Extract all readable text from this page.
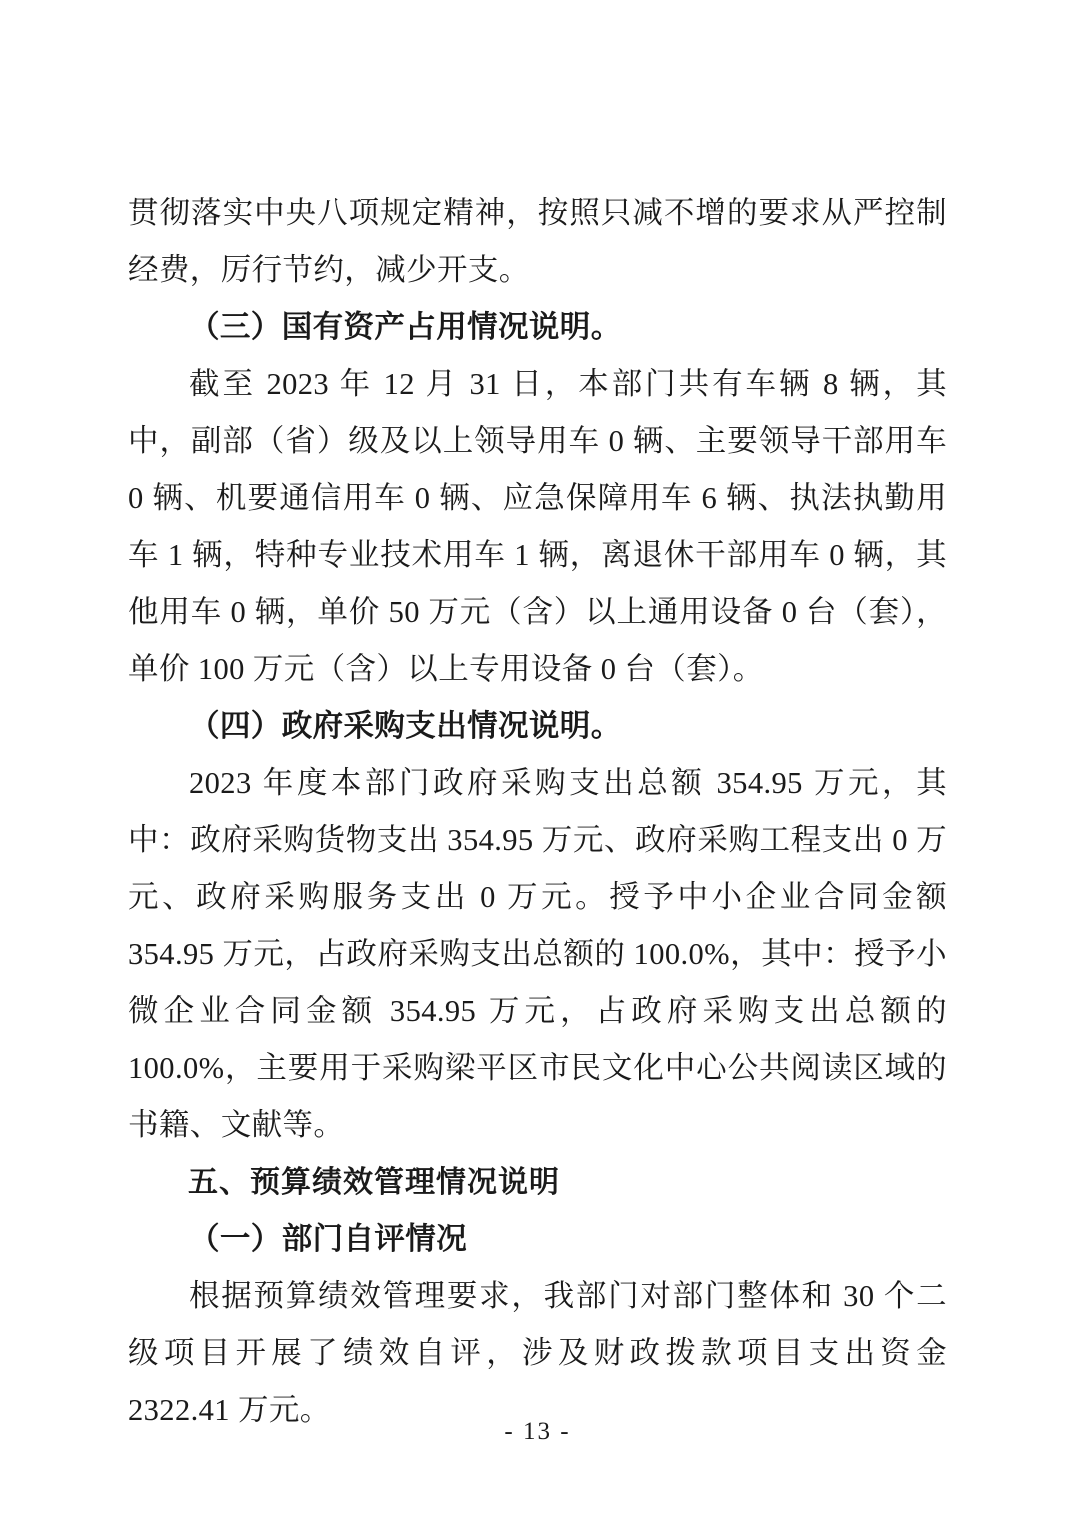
贯彻落实中央八项规定精神，按照只减不增的要求从严控制经费，厉行节约，减少开支。

（三）国有资产占用情况说明。

截至 2023 年 12 月 31 日，本部门共有车辆 8 辆，其中，副部（省）级及以上领导用车 0 辆、主要领导干部用车 0 辆、机要通信用车 0 辆、应急保障用车 6 辆、执法执勤用车 1 辆，特种专业技术用车 1 辆，离退休干部用车 0 辆，其他用车 0 辆，单价 50 万元（含）以上通用设备 0 台（套），单价 100 万元（含）以上专用设备 0 台（套）。

（四）政府采购支出情况说明。

2023 年度本部门政府采购支出总额 354.95 万元，其中：政府采购货物支出 354.95 万元、政府采购工程支出 0 万元、政府采购服务支出 0 万元。授予中小企业合同金额 354.95 万元，占政府采购支出总额的 100.0%，其中：授予小微企业合同金额 354.95 万元，占政府采购支出总额的 100.0%，主要用于采购梁平区市民文化中心公共阅读区域的书籍、文献等。

五、预算绩效管理情况说明

（一）部门自评情况

根据预算绩效管理要求，我部门对部门整体和 30 个二级项目开展了绩效自评，涉及财政拨款项目支出资金 2322.41 万元。

- 13 -
